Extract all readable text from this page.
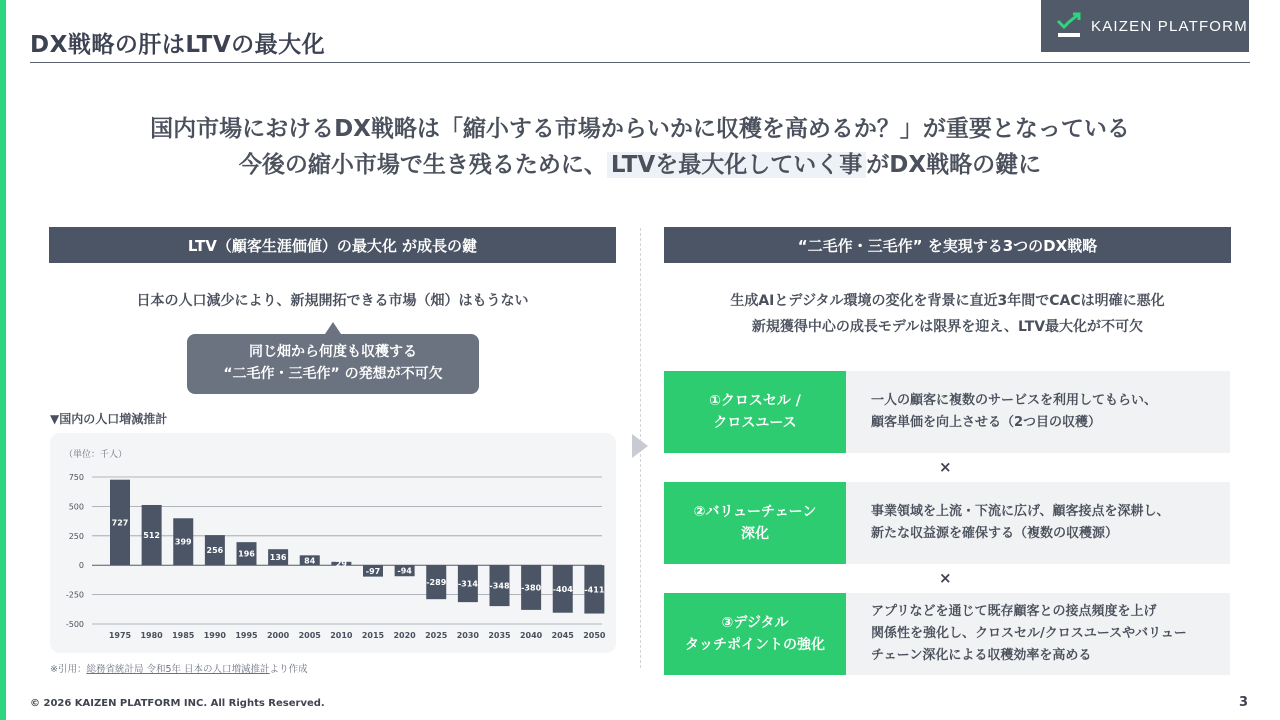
DX戦略の肝はLTVの最大化
KAIZEN PLATFORM
国内市場におけるDX戦略は「縮小する市場からいかに収穫を高めるか？」が重要となっている
今後の縮小市場で生き残るために、 LTVを最大化していく事 がDX戦略の鍵に
LTV（顧客生涯価値）の最大化 が成長の鍵	“二毛作・三毛作” を実現する3つのDX戦略
日本の人口減少により、新規開拓できる市場（畑）はもうない
同じ畑から何度も収穫する
“二毛作・三毛作” の発想が不可欠
▼国内の人口増減推計
（単位：千人）
750
500
250
0
-250
-500
727
1975
512
1980
399
1985
256
1990
196
1995
136
2000
84
2005
29
2010
-97
2015
-94
2020
-289
2025
-314
2030
-348
2035
-380
2040
-404
2045
-411
2050
※引用：総務省統計局 令和5年 日本の人口増減推計より作成
生成AIとデジタル環境の変化を背景に直近3年間でCACは明確に悪化
新規獲得中心の成長モデルは限界を迎え、LTV最大化が不可欠
①クロスセル /
クロスユース
一人の顧客に複数のサービスを利用してもらい、
顧客単価を向上させる（2つ目の収穫）
×
②バリューチェーン
深化
事業領域を上流・下流に広げ、顧客接点を深耕し、
新たな収益源を確保する（複数の収穫源）
×
③デジタル
タッチポイントの強化
アプリなどを通じて既存顧客との接点頻度を上げ
関係性を強化し、クロスセル/クロスユースやバリュー
チェーン深化による収穫効率を高める
© 2026 KAIZEN PLATFORM INC. All Rights Reserved.	3
